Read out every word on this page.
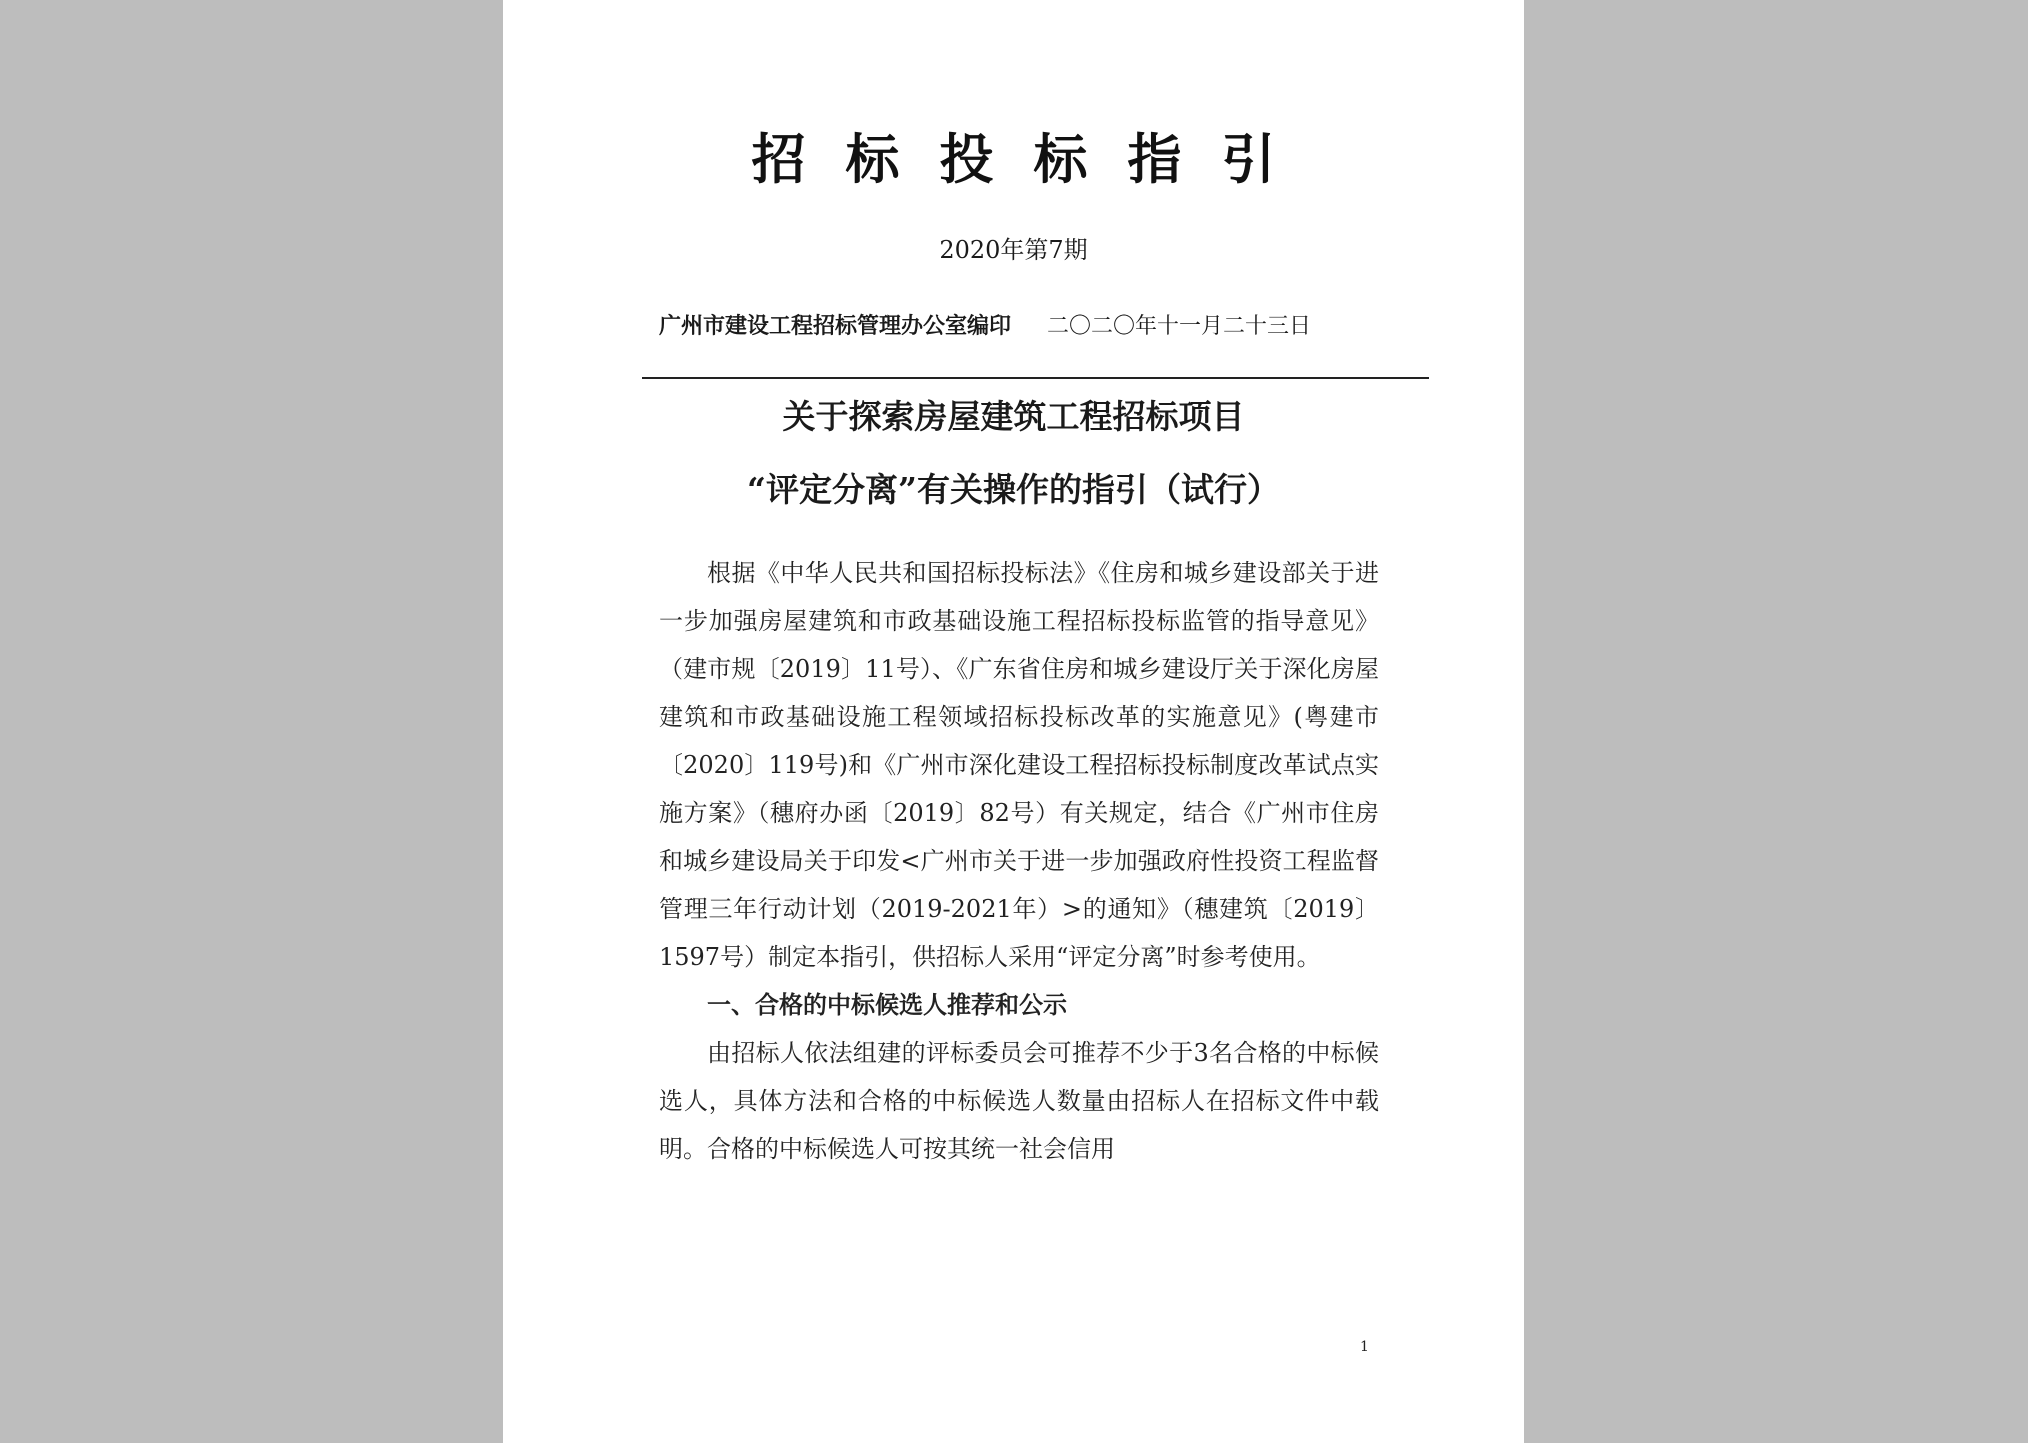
招标投标指引
2020年第7期
广州市建设工程招标管理办公室编印 二〇二〇年十一月二十三日
关于探索房屋建筑工程招标项目
“评定分离”有关操作的指引（试行）

根据《中华人民共和国招标投标法》《住房和城乡建设部关于进一步加强房屋建筑和市政基础设施工程招标投标监管的指导意见》（建市规〔2019〕11号）、《广东省住房和城乡建设厅关于深化房屋建筑和市政基础设施工程领域招标投标改革的实施意见》(粤建市〔2020〕119号)和《广州市深化建设工程招标投标制度改革试点实施方案》（穗府办函〔2019〕82号）有关规定，结合《广州市住房和城乡建设局关于印发<广州市关于进一步加强政府性投资工程监督管理三年行动计划（2019-2021年）>的通知》（穗建筑〔2019〕1597号）制定本指引，供招标人采用“评定分离”时参考使用。

一、合格的中标候选人推荐和公示

由招标人依法组建的评标委员会可推荐不少于3名合格的中标候选人，具体方法和合格的中标候选人数量由招标人在招标文件中载明。合格的中标候选人可按其统一社会信用

1
